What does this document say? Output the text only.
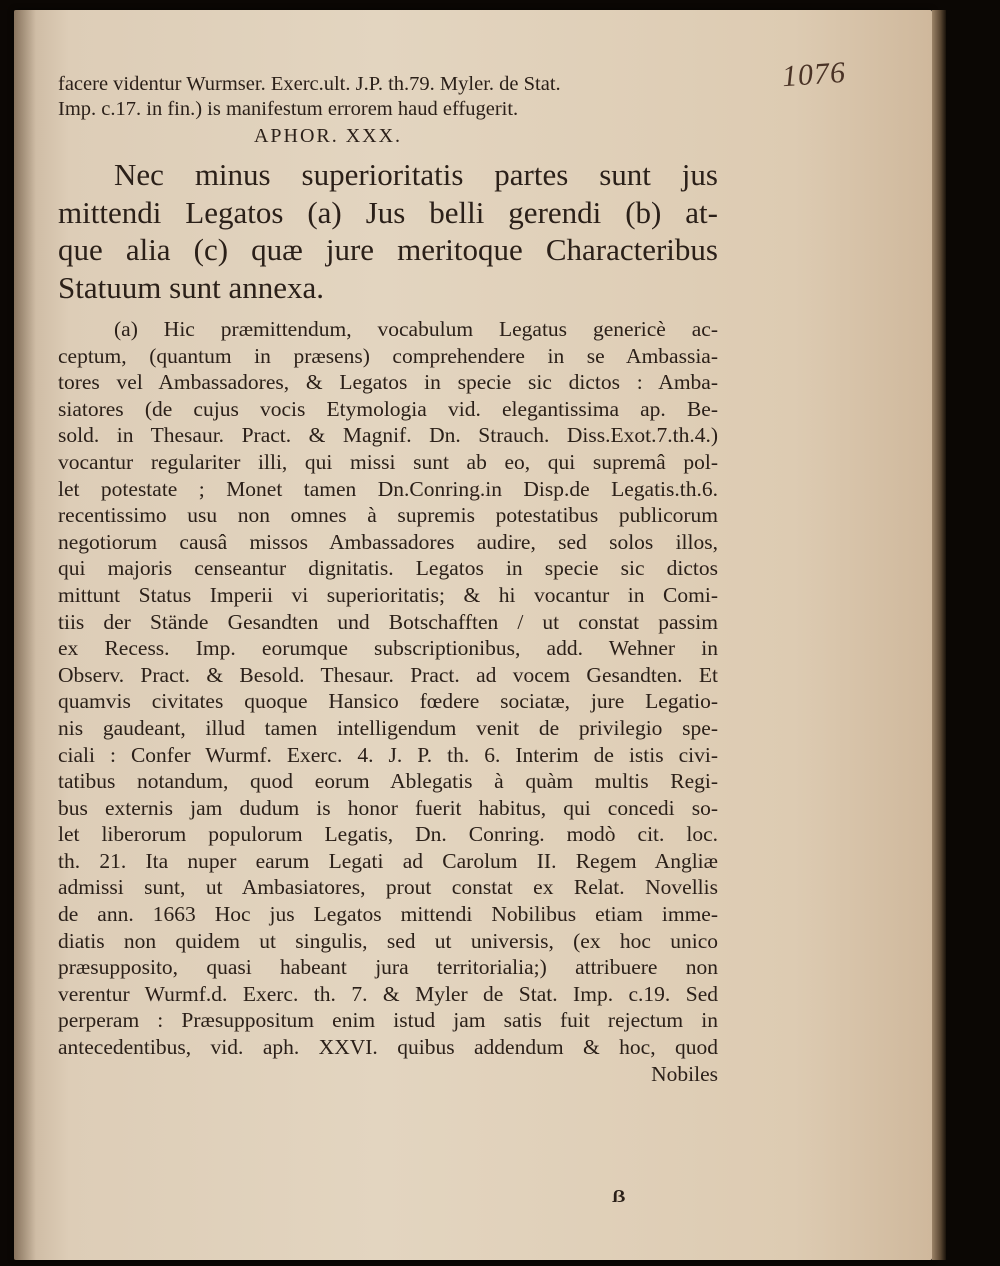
1076
facere videntur Wurmser. Exerc.ult. J.P. th.79. Myler. de Stat.
Imp. c.17. in fin.) is manifestum errorem haud effugerit.
APHOR. XXX.
Nec minus superioritatis partes sunt jus
mittendi Legatos (a) Jus belli gerendi (b) at-
que alia (c) quæ jure meritoque Characteribus
Statuum sunt annexa.
(a) Hic præmittendum, vocabulum Legatus genericè ac-
ceptum, (quantum in præsens) comprehendere in se Ambassia-
tores vel Ambassadores, & Legatos in specie sic dictos : Amba-
siatores (de cujus vocis Etymologia vid. elegantissima ap. Be-
sold. in Thesaur. Pract. & Magnif. Dn. Strauch. Diss.Exot.7.th.4.)
vocantur regulariter illi, qui missi sunt ab eo, qui supremâ pol-
let potestate ; Monet tamen Dn.Conring.in Disp.de Legatis.th.6.
recentissimo usu non omnes à supremis potestatibus publicorum
negotiorum causâ missos Ambassadores audire, sed solos illos,
qui majoris censeantur dignitatis. Legatos in specie sic dictos
mittunt Status Imperii vi superioritatis; & hi vocantur in Comi-
tiis der Stände Gesandten und Botschafften / ut constat passim
ex Recess. Imp. eorumque subscriptionibus, add. Wehner in
Observ. Pract. & Besold. Thesaur. Pract. ad vocem Gesandten. Et
quamvis civitates quoque Hansico fœdere sociatæ, jure Legatio-
nis gaudeant, illud tamen intelligendum venit de privilegio spe-
ciali : Confer Wurmf. Exerc. 4. J. P. th. 6. Interim de istis civi-
tatibus notandum, quod eorum Ablegatis à quàm multis Regi-
bus externis jam dudum is honor fuerit habitus, qui concedi so-
let liberorum populorum Legatis, Dn. Conring. modò cit. loc.
th. 21. Ita nuper earum Legati ad Carolum II. Regem Angliæ
admissi sunt, ut Ambasiatores, prout constat ex Relat. Novellis
de ann. 1663 Hoc jus Legatos mittendi Nobilibus etiam imme-
diatis non quidem ut singulis, sed ut universis, (ex hoc unico
præsupposito, quasi habeant jura territorialia;) attribuere non
verentur Wurmf.d. Exerc. th. 7. & Myler de Stat. Imp. c.19. Sed
perperam : Præsuppositum enim istud jam satis fuit rejectum in
antecedentibus, vid. aph. XXVI. quibus addendum & hoc, quod
Nobiles
ẞ
